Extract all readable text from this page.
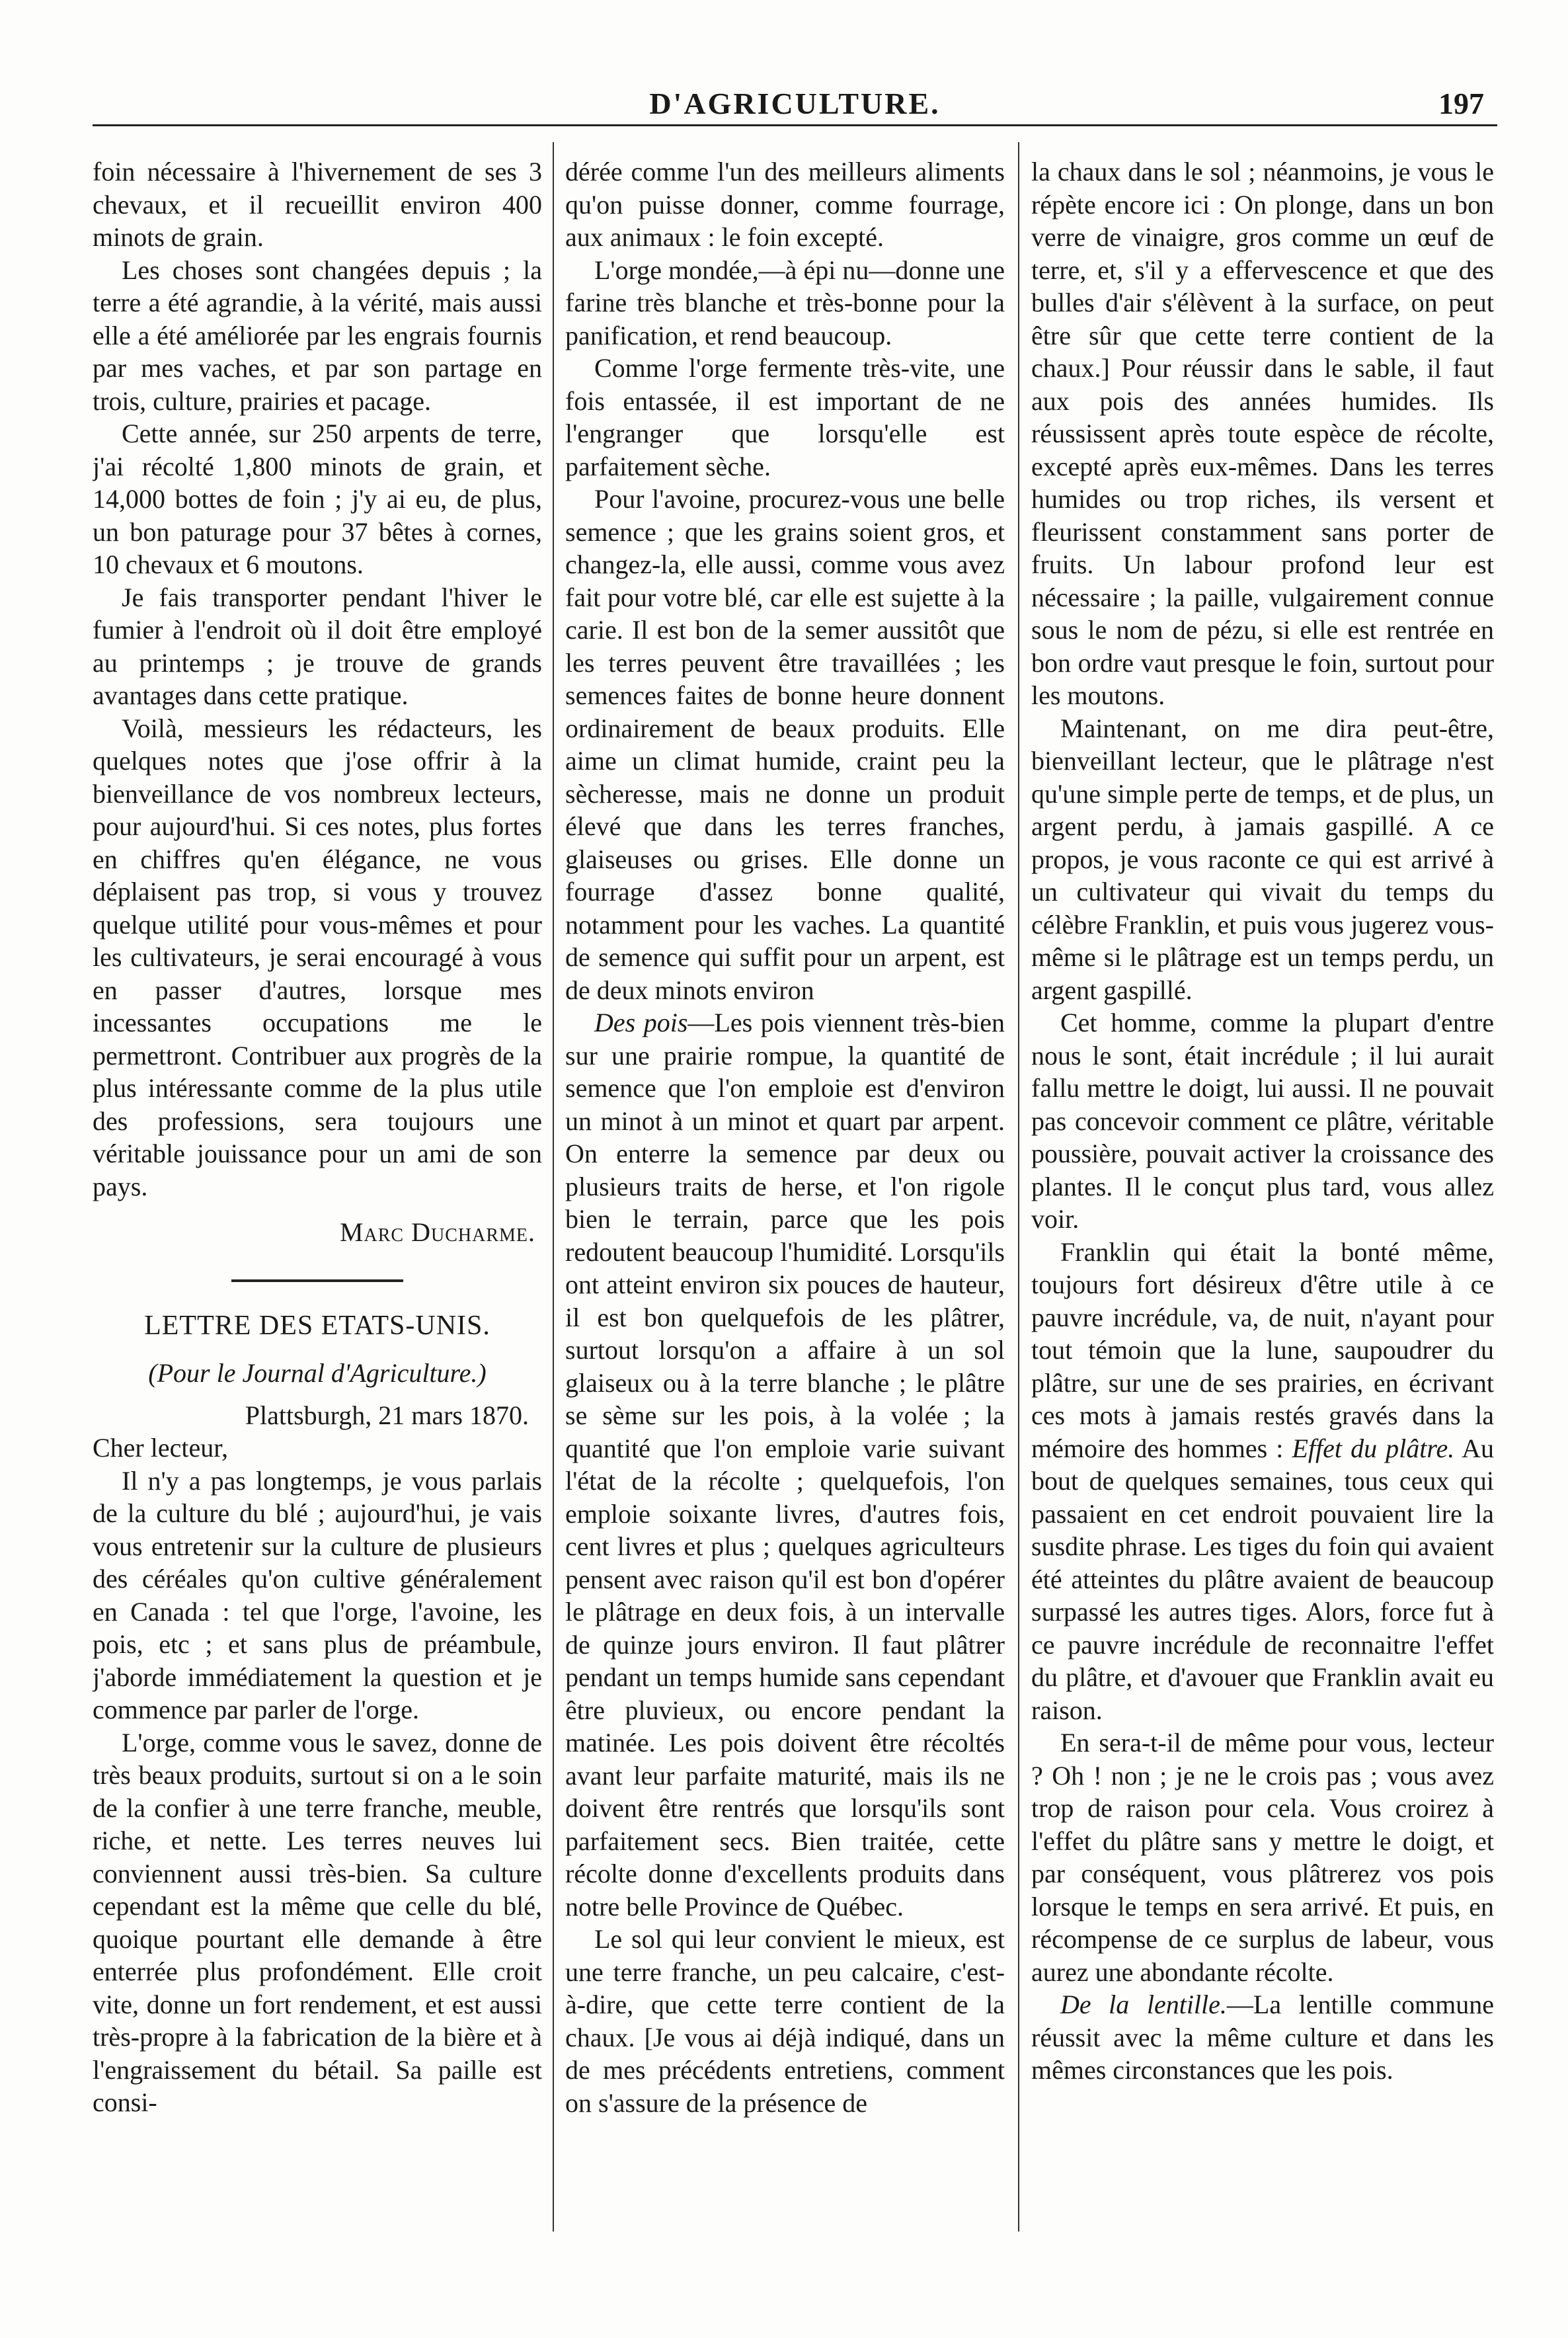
D'AGRICULTURE.	197

foin nécessaire à l'hivernement de ses 3 chevaux, et il recueillit environ 400 minots de grain.

Les choses sont changées depuis ; la terre a été agrandie, à la vérité, mais aussi elle a été améliorée par les engrais fournis par mes vaches, et par son partage en trois, culture, prairies et pacage.

Cette année, sur 250 arpents de terre, j'ai récolté 1,800 minots de grain, et 14,000 bottes de foin ; j'y ai eu, de plus, un bon paturage pour 37 bêtes à cornes, 10 chevaux et 6 moutons.

Je fais transporter pendant l'hiver le fumier à l'endroit où il doit être employé au printemps ; je trouve de grands avantages dans cette pratique.

Voilà, messieurs les rédacteurs, les quelques notes que j'ose offrir à la bienveillance de vos nombreux lecteurs, pour aujourd'hui. Si ces notes, plus fortes en chiffres qu'en élégance, ne vous déplaisent pas trop, si vous y trouvez quelque utilité pour vous-mêmes et pour les cultivateurs, je serai encouragé à vous en passer d'autres, lorsque mes incessantes occupations me le permettront. Contribuer aux progrès de la plus intéressante comme de la plus utile des professions, sera toujours une véritable jouissance pour un ami de son pays.

Marc Ducharme.
LETTRE DES ETATS-UNIS.
(Pour le Journal d'Agriculture.)
Plattsburgh, 21 mars 1870.

Cher lecteur,

Il n'y a pas longtemps, je vous parlais de la culture du blé ; aujourd'hui, je vais vous entretenir sur la culture de plusieurs des céréales qu'on cultive généralement en Canada : tel que l'orge, l'avoine, les pois, etc ; et sans plus de préambule, j'aborde immédiatement la question et je commence par parler de l'orge.

L'orge, comme vous le savez, donne de très beaux produits, surtout si on a le soin de la confier à une terre franche, meuble, riche, et nette. Les terres neuves lui conviennent aussi très-bien. Sa culture cependant est la même que celle du blé, quoique pourtant elle demande à être enterrée plus profondément. Elle croit vite, donne un fort rendement, et est aussi très-propre à la fabrication de la bière et à l'engraissement du bétail. Sa paille est consi-

dérée comme l'un des meilleurs aliments qu'on puisse donner, comme fourrage, aux animaux : le foin excepté.

L'orge mondée,—à épi nu—donne une farine très blanche et très-bonne pour la panification, et rend beaucoup.

Comme l'orge fermente très-vite, une fois entassée, il est important de ne l'engranger que lorsqu'elle est parfaitement sèche.

Pour l'avoine, procurez-vous une belle semence ; que les grains soient gros, et changez-la, elle aussi, comme vous avez fait pour votre blé, car elle est sujette à la carie. Il est bon de la semer aussitôt que les terres peuvent être travaillées ; les semences faites de bonne heure donnent ordinairement de beaux produits. Elle aime un climat humide, craint peu la sècheresse, mais ne donne un produit élevé que dans les terres franches, glaiseuses ou grises. Elle donne un fourrage d'assez bonne qualité, notamment pour les vaches. La quantité de semence qui suffit pour un arpent, est de deux minots environ

Des pois—Les pois viennent très-bien sur une prairie rompue, la quantité de semence que l'on emploie est d'environ un minot à un minot et quart par arpent. On enterre la semence par deux ou plusieurs traits de herse, et l'on rigole bien le terrain, parce que les pois redoutent beaucoup l'humidité. Lorsqu'ils ont atteint environ six pouces de hauteur, il est bon quelquefois de les plâtrer, surtout lorsqu'on a affaire à un sol glaiseux ou à la terre blanche ; le plâtre se sème sur les pois, à la volée ; la quantité que l'on emploie varie suivant l'état de la récolte ; quelquefois, l'on emploie soixante livres, d'autres fois, cent livres et plus ; quelques agriculteurs pensent avec raison qu'il est bon d'opérer le plâtrage en deux fois, à un intervalle de quinze jours environ. Il faut plâtrer pendant un temps humide sans cependant être pluvieux, ou encore pendant la matinée. Les pois doivent être récoltés avant leur parfaite maturité, mais ils ne doivent être rentrés que lorsqu'ils sont parfaitement secs. Bien traitée, cette récolte donne d'excellents produits dans notre belle Province de Québec.

Le sol qui leur convient le mieux, est une terre franche, un peu calcaire, c'est-à-dire, que cette terre contient de la chaux. [Je vous ai déjà indiqué, dans un de mes précédents entretiens, comment on s'assure de la présence de

la chaux dans le sol ; néanmoins, je vous le répète encore ici : On plonge, dans un bon verre de vinaigre, gros comme un œuf de terre, et, s'il y a effervescence et que des bulles d'air s'élèvent à la surface, on peut être sûr que cette terre contient de la chaux.] Pour réussir dans le sable, il faut aux pois des années humides. Ils réussissent après toute espèce de récolte, excepté après eux-mêmes. Dans les terres humides ou trop riches, ils versent et fleurissent constamment sans porter de fruits. Un labour profond leur est nécessaire ; la paille, vulgairement connue sous le nom de pézu, si elle est rentrée en bon ordre vaut presque le foin, surtout pour les moutons.

Maintenant, on me dira peut-être, bienveillant lecteur, que le plâtrage n'est qu'une simple perte de temps, et de plus, un argent perdu, à jamais gaspillé. A ce propos, je vous raconte ce qui est arrivé à un cultivateur qui vivait du temps du célèbre Franklin, et puis vous jugerez vous-même si le plâtrage est un temps perdu, un argent gaspillé.

Cet homme, comme la plupart d'entre nous le sont, était incrédule ; il lui aurait fallu mettre le doigt, lui aussi. Il ne pouvait pas concevoir comment ce plâtre, véritable poussière, pouvait activer la croissance des plantes. Il le conçut plus tard, vous allez voir.

Franklin qui était la bonté même, toujours fort désireux d'être utile à ce pauvre incrédule, va, de nuit, n'ayant pour tout témoin que la lune, saupoudrer du plâtre, sur une de ses prairies, en écrivant ces mots à jamais restés gravés dans la mémoire des hommes : Effet du plâtre. Au bout de quelques semaines, tous ceux qui passaient en cet endroit pouvaient lire la susdite phrase. Les tiges du foin qui avaient été atteintes du plâtre avaient de beaucoup surpassé les autres tiges. Alors, force fut à ce pauvre incrédule de reconnaitre l'effet du plâtre, et d'avouer que Franklin avait eu raison.

En sera-t-il de même pour vous, lecteur ? Oh ! non ; je ne le crois pas ; vous avez trop de raison pour cela. Vous croirez à l'effet du plâtre sans y mettre le doigt, et par conséquent, vous plâtrerez vos pois lorsque le temps en sera arrivé. Et puis, en récompense de ce surplus de labeur, vous aurez une abondante récolte.

De la lentille.—La lentille commune réussit avec la même culture et dans les mêmes circonstances que les pois.
